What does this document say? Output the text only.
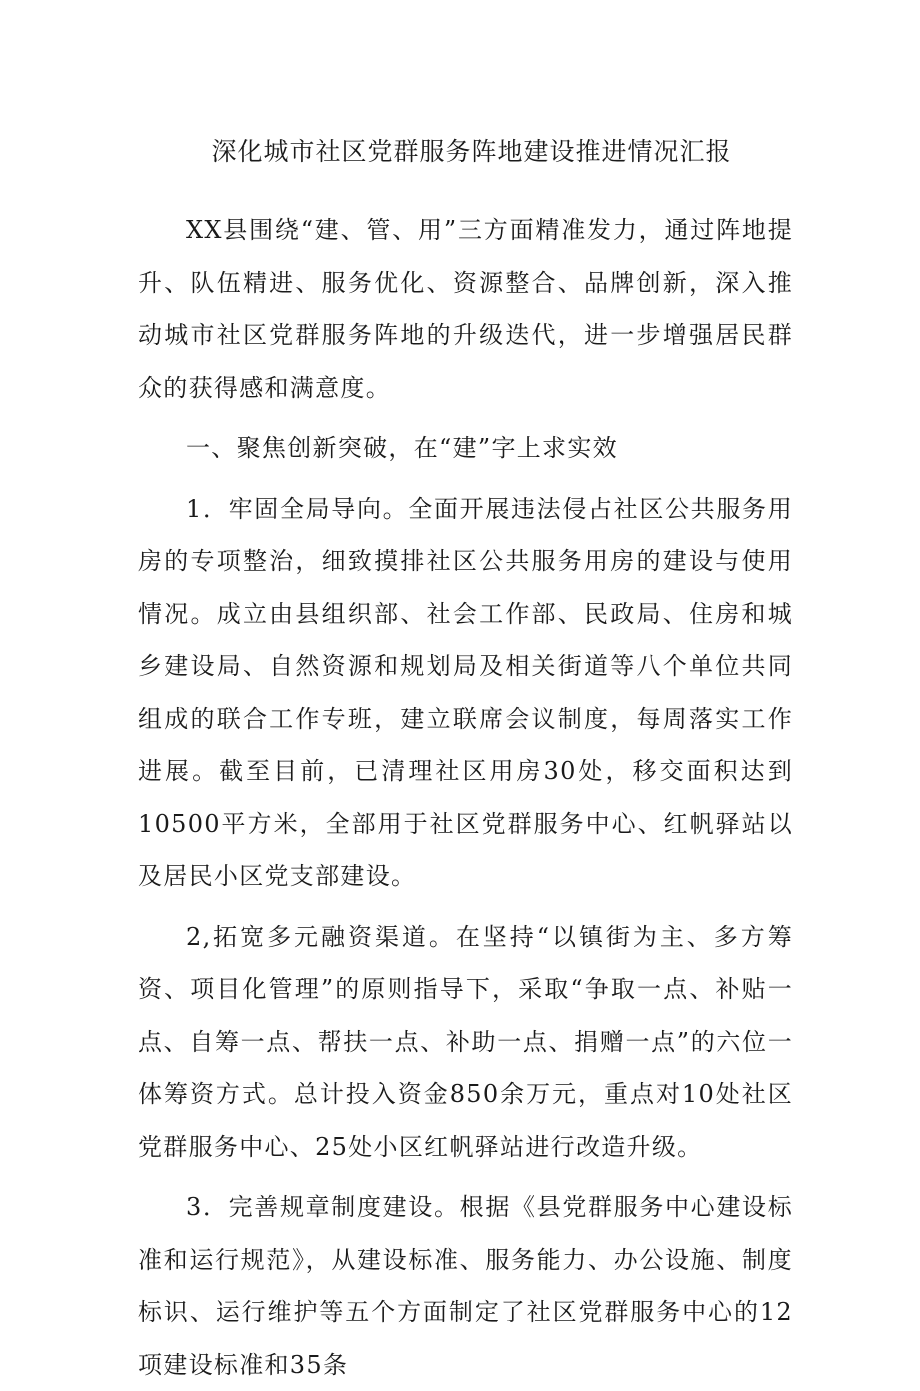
深化城市社区党群服务阵地建设推进情况汇报

XX县围绕“建、管、用”三方面精准发力，通过阵地提升、队伍精进、服务优化、资源整合、品牌创新，深入推动城市社区党群服务阵地的升级迭代，进一步增强居民群众的获得感和满意度。

一、聚焦创新突破，在“建”字上求实效

1．牢固全局导向。全面开展违法侵占社区公共服务用房的专项整治，细致摸排社区公共服务用房的建设与使用情况。成立由县组织部、社会工作部、民政局、住房和城乡建设局、自然资源和规划局及相关街道等八个单位共同组成的联合工作专班，建立联席会议制度，每周落实工作进展。截至目前，已清理社区用房30处，移交面积达到10500平方米，全部用于社区党群服务中心、红帆驿站以及居民小区党支部建设。

2,拓宽多元融资渠道。在坚持“以镇街为主、多方筹资、项目化管理”的原则指导下，采取“争取一点、补贴一点、自筹一点、帮扶一点、补助一点、捐赠一点”的六位一体筹资方式。总计投入资金850余万元，重点对10处社区党群服务中心、25处小区红帆驿站进行改造升级。

3．完善规章制度建设。根据《县党群服务中心建设标准和运行规范》，从建设标准、服务能力、办公设施、制度标识、运行维护等五个方面制定了社区党群服务中心的12项建设标准和35条
